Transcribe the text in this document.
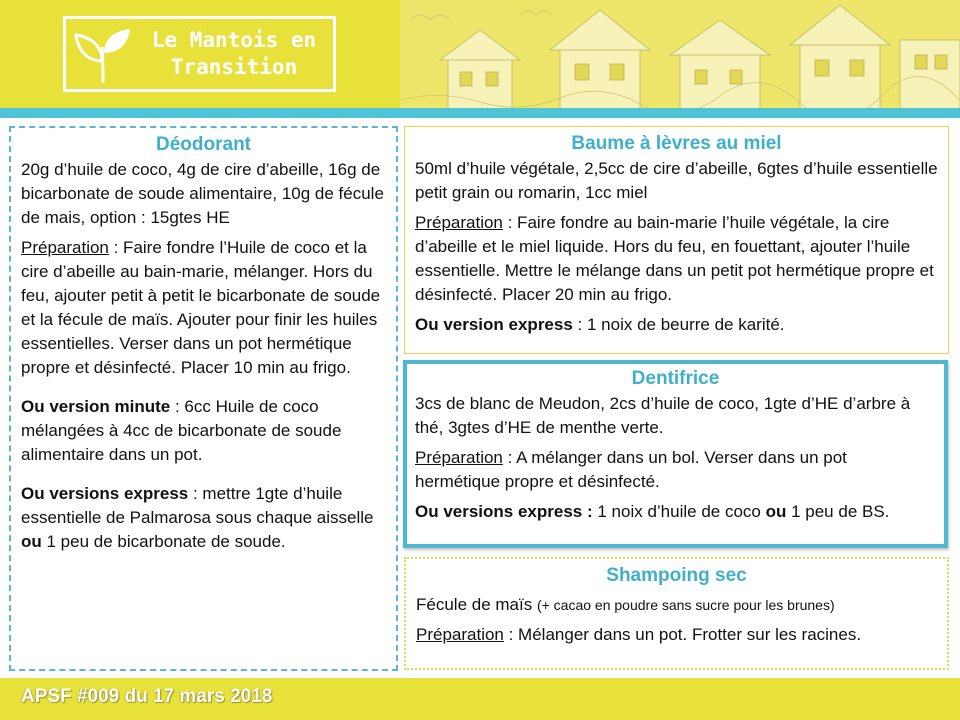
Le Mantois en
Transition
Déodorant

20g d’huile de coco, 4g de cire d’abeille, 16g de bicarbonate de soude alimentaire, 10g de fécule de mais, option : 15gtes HE

Préparation : Faire fondre l’Huile de coco et la cire d’abeille au bain-marie, mélanger. Hors du feu, ajouter petit à petit le bicarbonate de soude et la fécule de maïs. Ajouter pour finir les huiles essentielles. Verser dans un pot hermétique propre et désinfecté. Placer 10 min au frigo.

Ou version minute : 6cc Huile de coco mélangées à 4cc de bicarbonate de soude alimentaire dans un pot.

Ou versions express : mettre 1gte d’huile essentielle de Palmarosa sous chaque aisselle ou 1 peu de bicarbonate de soude.

Baume à lèvres au miel

50ml d’huile végétale, 2,5cc de cire d’abeille, 6gtes d’huile essentielle petit grain ou romarin, 1cc miel

Préparation : Faire fondre au bain-marie l’huile végétale, la cire d’abeille et le miel liquide. Hors du feu, en fouettant, ajouter l’huile essentielle. Mettre le mélange dans un petit pot hermétique propre et désinfecté. Placer 20 min au frigo.

Ou version express : 1 noix de beurre de karité.

Dentifrice

3cs de blanc de Meudon, 2cs d’huile de coco, 1gte d’HE d’arbre à thé, 3gtes d’HE de menthe verte.

Préparation : A mélanger dans un bol. Verser dans un pot hermétique propre et désinfecté.

Ou versions express : 1 noix d’huile de coco ou 1 peu de BS.

Shampoing sec

Fécule de maïs (+ cacao en poudre sans sucre pour les brunes)

Préparation : Mélanger dans un pot. Frotter sur les racines.

APSF #009 du 17 mars 2018
